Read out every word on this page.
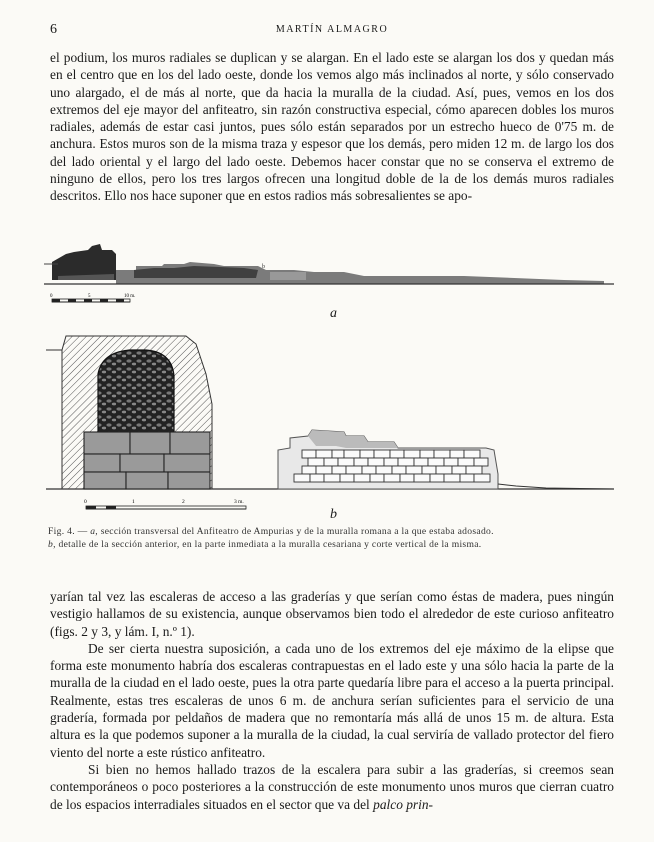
6	MARTÍN ALMAGRO

el podium, los muros radiales se duplican y se alargan. En el lado este se alargan los dos y quedan más en el centro que en los del lado oeste, donde los vemos algo más inclinados al norte, y sólo conservado uno alargado, el de más al norte, que da hacia la muralla de la ciudad. Así, pues, vemos en los dos extremos del eje mayor del anfiteatro, sin razón constructiva especial, cómo aparecen dobles los muros radiales, además de estar casi juntos, pues sólo están separados por un estrecho hueco de 0'75 m. de anchura. Estos muros son de la misma traza y espesor que los demás, pero miden 12 m. de largo los dos del lado oriental y el largo del lado oeste. Debemos hacer constar que no se conserva el extremo de ninguno de ellos, pero los tres largos ofrecen una longitud doble de la de los demás muros radiales descritos. Ello nos hace suponer que en estos radios más sobresalientes se apo-

b
0	5	10 m.
a
0	1	2	3 m.
b

Fig. 4. — a, sección transversal del Anfiteatro de Ampurias y de la muralla romana a la que estaba adosado.

b, detalle de la sección anterior, en la parte inmediata a la muralla cesariana y corte vertical de la misma.

yarían tal vez las escaleras de acceso a las graderías y que serían como éstas de madera, pues ningún vestigio hallamos de su existencia, aunque observamos bien todo el alrededor de este curioso anfiteatro (figs. 2 y 3, y lám. I, n.º 1).

De ser cierta nuestra suposición, a cada uno de los extremos del eje máximo de la elipse que forma este monumento habría dos escaleras contrapuestas en el lado este y una sólo hacia la parte de la muralla de la ciudad en el lado oeste, pues la otra parte quedaría libre para el acceso a la puerta principal. Realmente, estas tres escaleras de unos 6 m. de anchura serían suficientes para el servicio de una gradería, formada por peldaños de madera que no remontaría más allá de unos 15 m. de altura. Esta altura es la que podemos suponer a la muralla de la ciudad, la cual serviría de vallado protector del fiero viento del norte a este rústico anfiteatro.

Si bien no hemos hallado trazos de la escalera para subir a las graderías, si creemos sean contemporáneos o poco posteriores a la construcción de este monumento unos muros que cierran cuatro de los espacios interradiales situados en el sector que va del palco prin-
